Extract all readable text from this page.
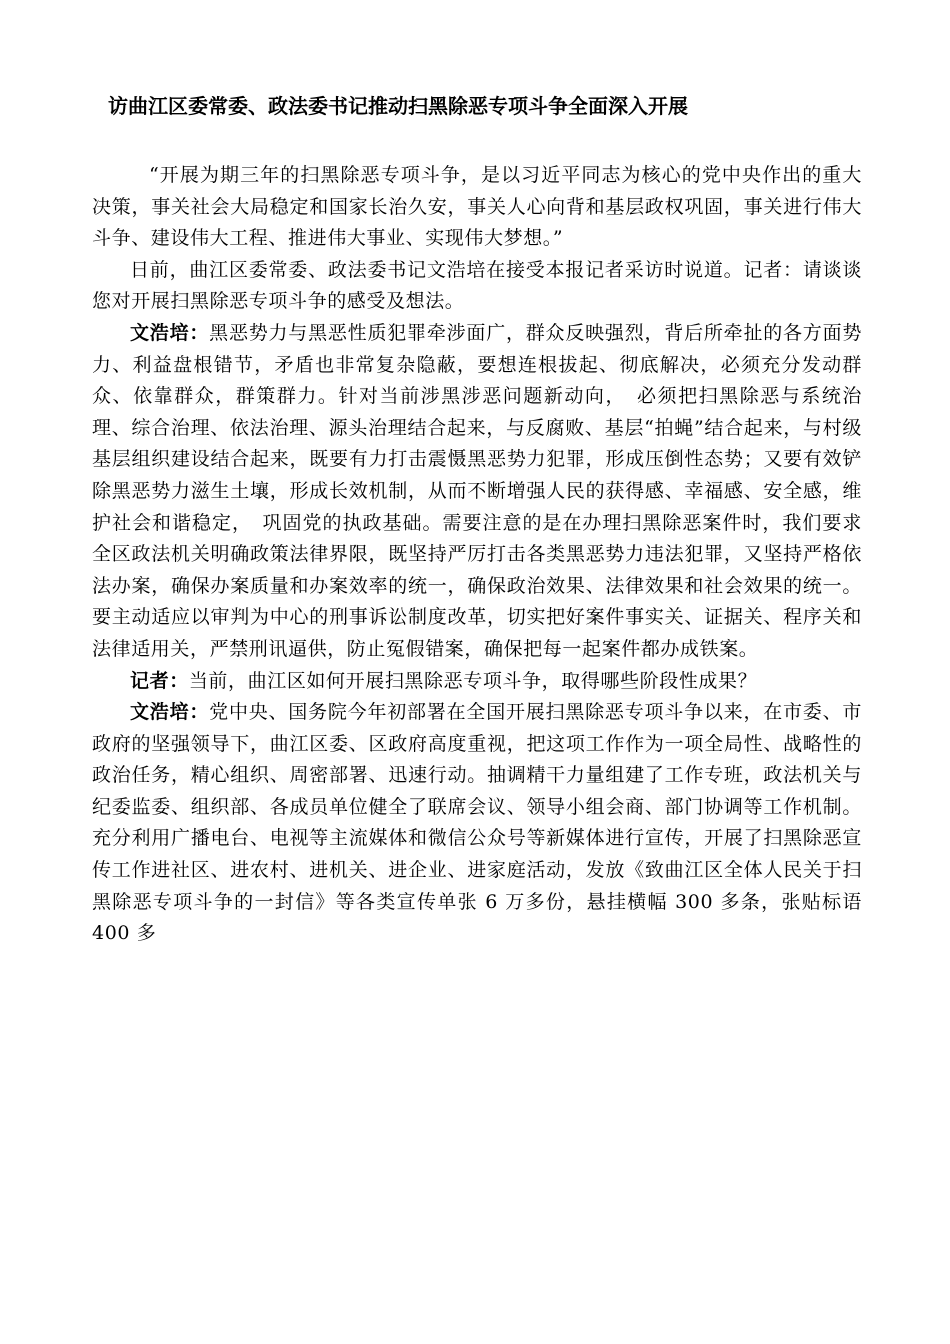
访曲江区委常委、政法委书记推动扫黑除恶专项斗争全面深入开展

“开展为期三年的扫黑除恶专项斗争，是以习近平同志为核心的党中央作出的重大决策，事关社会大局稳定和国家长治久安，事关人心向背和基层政权巩固，事关进行伟大斗争、建设伟大工程、推进伟大事业、实现伟大梦想。”

日前，曲江区委常委、政法委书记文浩培在接受本报记者采访时说道。记者：请谈谈您对开展扫黑除恶专项斗争的感受及想法。

文浩培：黑恶势力与黑恶性质犯罪牵涉面广，群众反映强烈，背后所牵扯的各方面势力、利益盘根错节，矛盾也非常复杂隐蔽，要想连根拔起、彻底解决，必须充分发动群众、依靠群众，群策群力。针对当前涉黑涉恶问题新动向，　必须把扫黑除恶与系统治理、综合治理、依法治理、源头治理结合起来，与反腐败、基层“拍蝇”结合起来，与村级基层组织建设结合起来，既要有力打击震慑黑恶势力犯罪，形成压倒性态势；又要有效铲除黑恶势力滋生土壤，形成长效机制，从而不断增强人民的获得感、幸福感、安全感，维护社会和谐稳定，　巩固党的执政基础。需要注意的是在办理扫黑除恶案件时，我们要求全区政法机关明确政策法律界限，既坚持严厉打击各类黑恶势力违法犯罪，又坚持严格依法办案，确保办案质量和办案效率的统一，确保政治效果、法律效果和社会效果的统一。要主动适应以审判为中心的刑事诉讼制度改革，切实把好案件事实关、证据关、程序关和法律适用关，严禁刑讯逼供，防止冤假错案，确保把每一起案件都办成铁案。

记者：当前，曲江区如何开展扫黑除恶专项斗争，取得哪些阶段性成果？

文浩培：党中央、国务院今年初部署在全国开展扫黑除恶专项斗争以来，在市委、市政府的坚强领导下，曲江区委、区政府高度重视，把这项工作作为一项全局性、战略性的政治任务，精心组织、周密部署、迅速行动。抽调精干力量组建了工作专班，政法机关与纪委监委、组织部、各成员单位健全了联席会议、领导小组会商、部门协调等工作机制。充分利用广播电台、电视等主流媒体和微信公众号等新媒体进行宣传，开展了扫黑除恶宣传工作进社区、进农村、进机关、进企业、进家庭活动，发放《致曲江区全体人民关于扫黑除恶专项斗争的一封信》等各类宣传单张 6 万多份，悬挂横幅 300 多条，张贴标语 400 多
